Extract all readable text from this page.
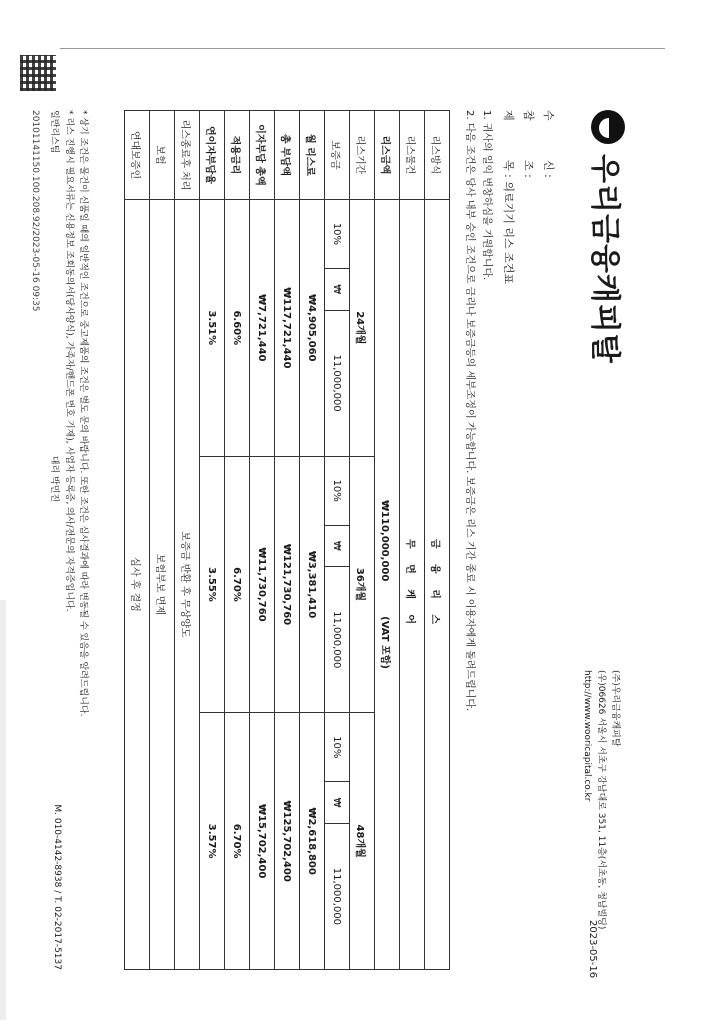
우리금융캐피탈
(주)우리금융캐피탈
(우)06626 서울시 서초구 강남대로 351, 11층(서초동, 청남빌딩)
http://www.wooricapital.co.kr
2023-05-16
수
신 :
참
조 :
제
목 : 의료기기 리스 조건표
1. 귀사의 일익 번창하심을 기원합니다.
2. 다음 조건은 당사 내부 승인 조건으로 금리나 보증금등의 세부조정이 가능합니다. 보증금은 리스 기간 종료 시 이용자에게 돌려드립니다.
리스방식	금 융 리 스								
리스물건	무 면 케 어								
리스금액	₩110,000,000          (VAT 포함)								
리스기간	24개월			36개월			48개월		
보증금	10%	₩	11,000,000	10%	₩	11,000,000	10%	₩	11,000,000
월 리스료	₩4,905,060			₩3,381,410			₩2,618,800		
총 부담액	₩117,721,440			₩121,730,760			₩125,702,400		
이자부담 총액	₩7,721,440			₩11,730,760			₩15,702,400		
적용금리	6.60%			6.70%			6.70%		
연이자부담율	3.51%			3.55%			3.57%		
리스종료후 처리	보증금 반환 후 무상양도								
보험	보험부보 면제								
연대보증인	심사 후 결정								
* 상기 조건은 물건이 신품일 때의 일반적인 조건으로 중고제품의 조건은 별도 문의 바랍니다. 또한 조건은 심사결과에 따라 변동될 수 있음을 알려드립니다.
* 리스 진행시 필요서류는 신용정보 조회동의서(당사양식), 가족자/핸드폰 번호 기재), 사업자 등록증, 의사/전문의 자격증입니다.
일반리스팀
대리 박민진
M. 010-4142-8938 / T. 02-2017-5137
20101141150.100.208.92/2023-05-16 09:35
